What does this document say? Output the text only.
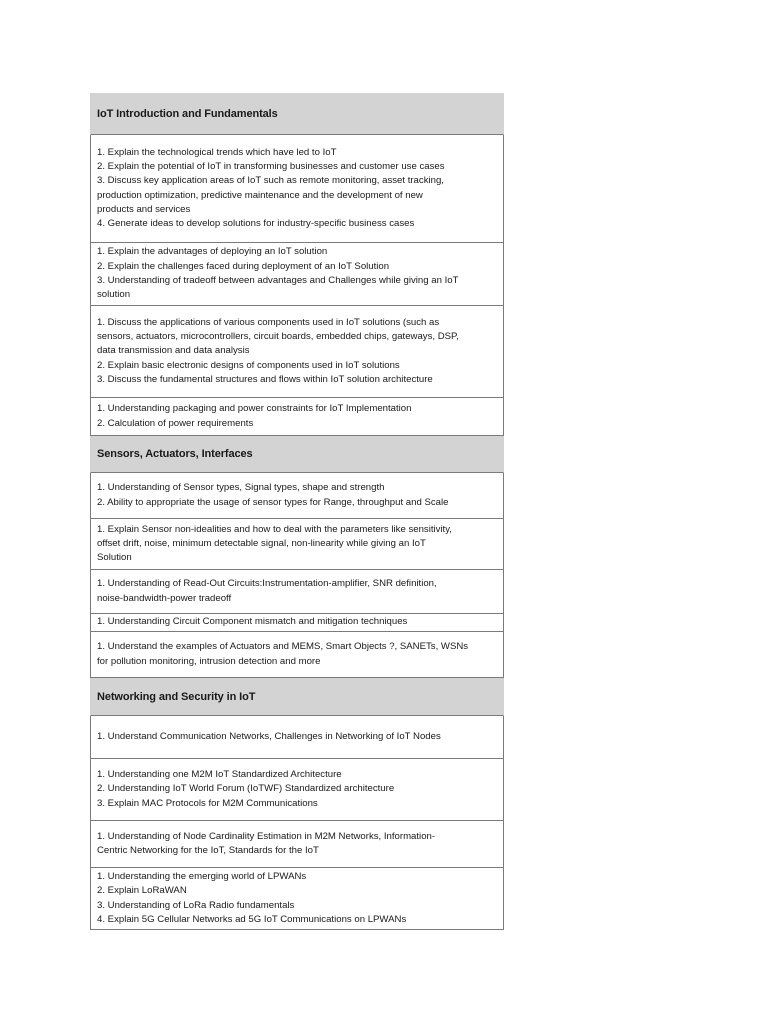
IoT Introduction and Fundamentals
1. Explain the technological trends which have led to IoT
2. Explain the potential of IoT in transforming businesses and customer use cases
3. Discuss key application areas of IoT such as remote monitoring, asset tracking,
production optimization, predictive maintenance and the development of new
products and services
4. Generate ideas to develop solutions for industry-specific business cases
1. Explain the advantages of deploying an IoT solution
2. Explain the challenges faced during deployment of an IoT Solution
3. Understanding of tradeoff between advantages and Challenges while giving an IoT
solution
1. Discuss the applications of various components used in IoT solutions (such as
sensors, actuators, microcontrollers, circuit boards, embedded chips, gateways, DSP,
data transmission and data analysis
2. Explain basic electronic designs of components used in IoT solutions
3. Discuss the fundamental structures and flows within IoT solution architecture
1. Understanding packaging and power constraints for IoT Implementation
2. Calculation of power requirements
Sensors, Actuators, Interfaces
1. Understanding of Sensor types, Signal types, shape and strength
2. Ability to appropriate the usage of sensor types for Range, throughput and Scale
1. Explain Sensor non-idealities and how to deal with the parameters like sensitivity,
offset drift, noise, minimum detectable signal, non-linearity while giving an IoT
Solution
1. Understanding of Read-Out Circuits:Instrumentation-amplifier, SNR definition,
noise-bandwidth-power tradeoff
1. Understanding Circuit Component mismatch and mitigation techniques
1. Understand the examples of Actuators and MEMS, Smart Objects ?, SANETs, WSNs
for pollution monitoring, intrusion detection and more
Networking and Security in IoT
1. Understand Communication Networks, Challenges in Networking of IoT Nodes
1. Understanding one M2M IoT Standardized Architecture
2. Understanding IoT World Forum (IoTWF) Standardized architecture
3. Explain MAC Protocols for M2M Communications
1. Understanding of Node Cardinality Estimation in M2M Networks, Information-
Centric Networking for the IoT, Standards for the IoT
1. Understanding the emerging world of LPWANs
2. Explain LoRaWAN
3. Understanding of LoRa Radio fundamentals
4. Explain 5G Cellular Networks ad 5G IoT Communications on LPWANs
